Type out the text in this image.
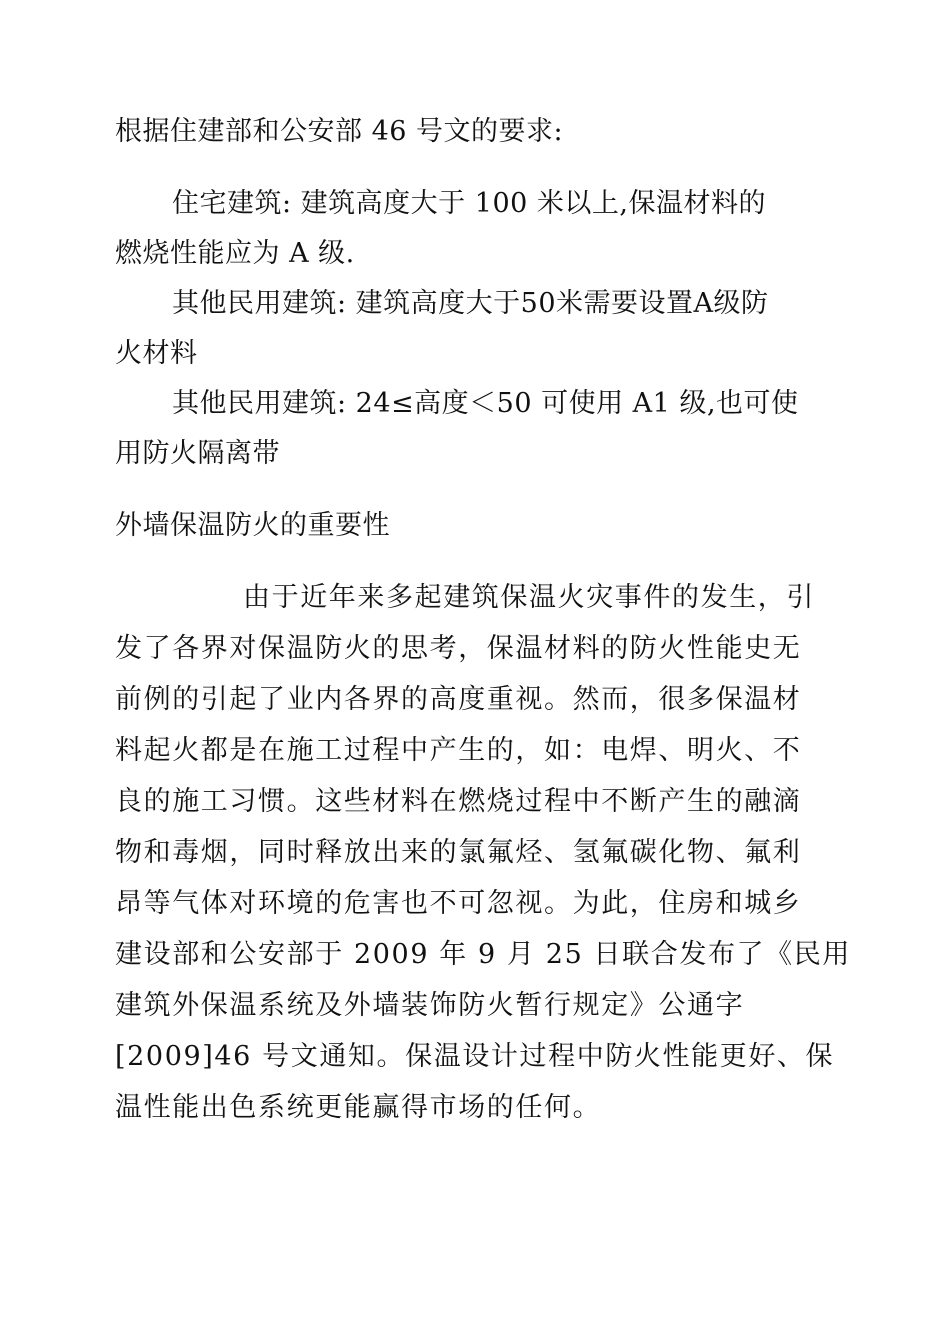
根据住建部和公安部 46 号文的要求:
住宅建筑: 建筑高度大于 100 米以上,保温材料的
燃烧性能应为 A 级.
其他民用建筑: 建筑高度大于50米需要设置A级防
火材料
其他民用建筑: 24≤高度＜50 可使用 A1 级,也可使
用防火隔离带
外墙保温防火的重要性
由于近年来多起建筑保温火灾事件的发生，引
发了各界对保温防火的思考，保温材料的防火性能史无
前例的引起了业内各界的高度重视。然而，很多保温材
料起火都是在施工过程中产生的，如：电焊、明火、不
良的施工习惯。这些材料在燃烧过程中不断产生的融滴
物和毒烟，同时释放出来的氯氟烃、氢氟碳化物、氟利
昂等气体对环境的危害也不可忽视。为此，住房和城乡
建设部和公安部于 2009 年 9 月 25 日联合发布了《民用
建筑外保温系统及外墙装饰防火暂行规定》公通字
[2009]46 号文通知。保温设计过程中防火性能更好、保
温性能出色系统更能赢得市场的任何。
